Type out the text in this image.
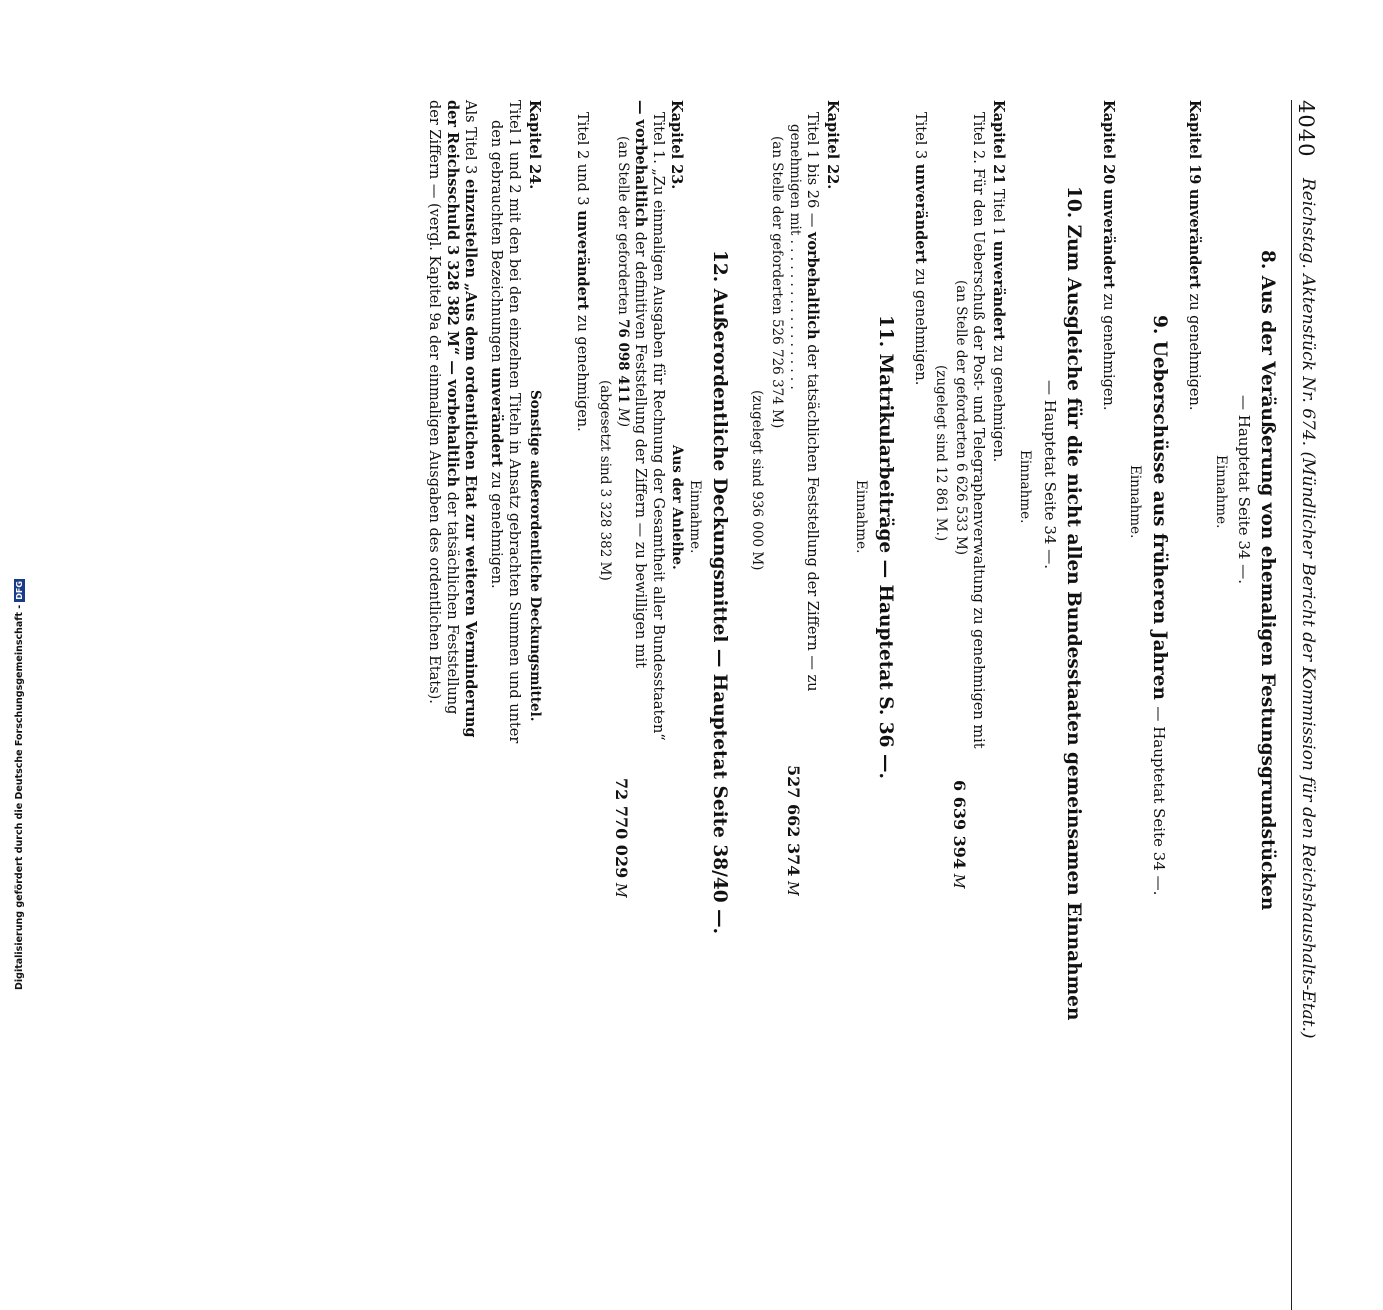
4040
Reichstag. Aktenstück Nr. 674. (Mündlicher Bericht der Kommission für den Reichshaushalts-Etat.)
8. Aus der Veräußerung von ehemaligen Festungsgrundstücken
— Hauptetat Seite 34 —.
Einnahme.
Kapitel 19 unverändert zu genehmigen.
9. Ueberschüsse aus früheren Jahren — Hauptetat Seite 34 —.
Einnahme.
Kapitel 20 unverändert zu genehmigen.
10. Zum Ausgleiche für die nicht allen Bundesstaaten gemeinsamen Einnahmen
— Hauptetat Seite 34 —.
Einnahme.
Kapitel 21 Titel 1 unverändert zu genehmigen.
Titel 2. Für den Ueberschuß der Post- und Telegraphenverwaltung zu genehmigen mit
6 639 394 M
(an Stelle der geforderten 6 626 533 M)
(zugelegt sind 12 861 M.)
Titel 3 unverändert zu genehmigen.
11. Matrikularbeiträge — Hauptetat S. 36 —.
Einnahme.
Kapitel 22.
Titel 1 bis 26 — vorbehaltlich der tatsächlichen Feststellung der Ziffern — zu
genehmigen mit . . . . . . . . . . . . . . . . . .
527 662 374 M
(an Stelle der geforderten 526 726 374 M)
(zugelegt sind 936 000 M)
12. Außerordentliche Deckungsmittel — Hauptetat Seite 38/40 —.
Einnahme.
Kapitel 23.
Aus der Anleihe.
Titel 1. „Zu einmaligen Ausgaben für Rechnung der Gesamtheit aller Bundesstaaten“
— vorbehaltlich der definitiven Feststellung der Ziffern — zu bewilligen mit
72 770 029 M
(an Stelle der geforderten 76 098 411 M)
(abgesetzt sind 3 328 382 M)
Titel 2 und 3 unverändert zu genehmigen.
Kapitel 24.
Sonstige außerordentliche Deckungsmittel.
Titel 1 und 2 mit den bei den einzelnen Titeln in Ansatz gebrachten Summen und unter
den gebrauchten Bezeichnungen unverändert zu genehmigen.
Als Titel 3 einzustellen „Aus dem ordentlichen Etat zur weiteren Verminderung
der Reichsschuld 3 328 382 M“ — vorbehaltlich der tatsächlichen Feststellung
der Ziffern — (vergl. Kapitel 9a der einmaligen Ausgaben des ordentlichen Etats).
Digitalisierung gefördert durch die Deutsche Forschungsgemeinschaft -
DFG
